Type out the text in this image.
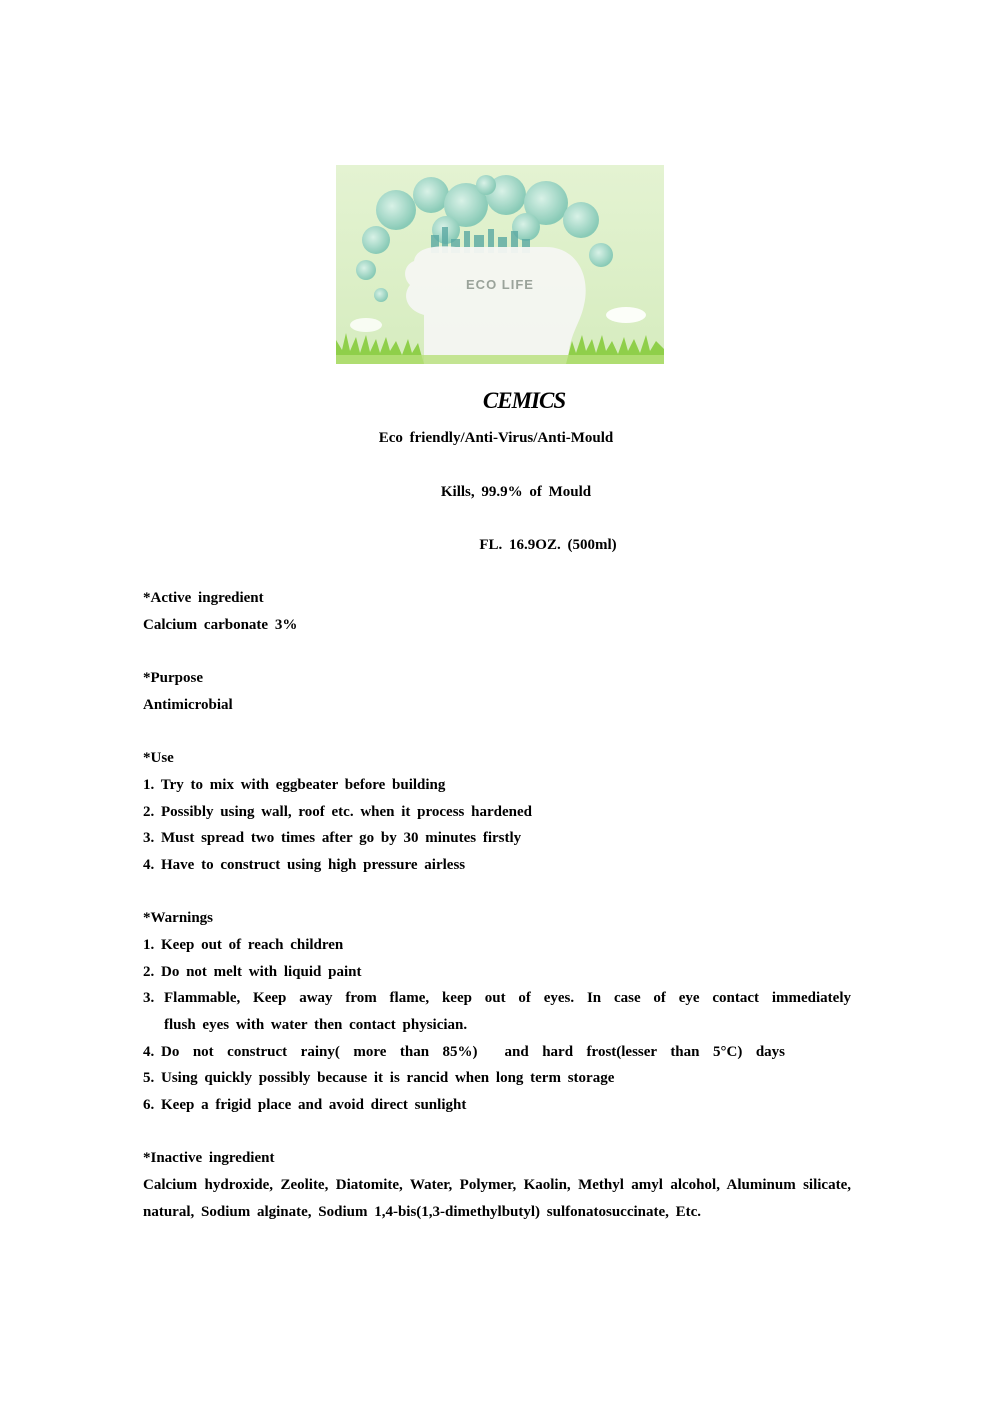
ECO LIFE
CEMICS
Eco friendly/Anti-Virus/Anti-Mould
Kills, 99.9% of Mould
FL. 16.9OZ. (500ml)
*Active ingredient
Calcium carbonate 3%
*Purpose
Antimicrobial
*Use
1. Try to mix with eggbeater before building
2. Possibly using wall, roof etc. when it process hardened
3. Must spread two times after go by 30 minutes firstly
4. Have to construct using high pressure airless
*Warnings
1. Keep out of reach children
2. Do not melt with liquid paint
3. Flammable, Keep away from flame, keep out of eyes. In case of eye contact immediately
flush eyes with water then contact physician.
4. Do  not  construct  rainy(  more  than  85%)    and  hard  frost(lesser  than  5°C)  days
5. Using quickly possibly because it is rancid when long term storage
6. Keep a frigid place and avoid direct sunlight
*Inactive ingredient
Calcium hydroxide, Zeolite, Diatomite, Water, Polymer, Kaolin, Methyl amyl alcohol, Aluminum silicate, natural, Sodium alginate, Sodium 1,4-bis(1,3-dimethylbutyl) sulfonatosuccinate, Etc.
